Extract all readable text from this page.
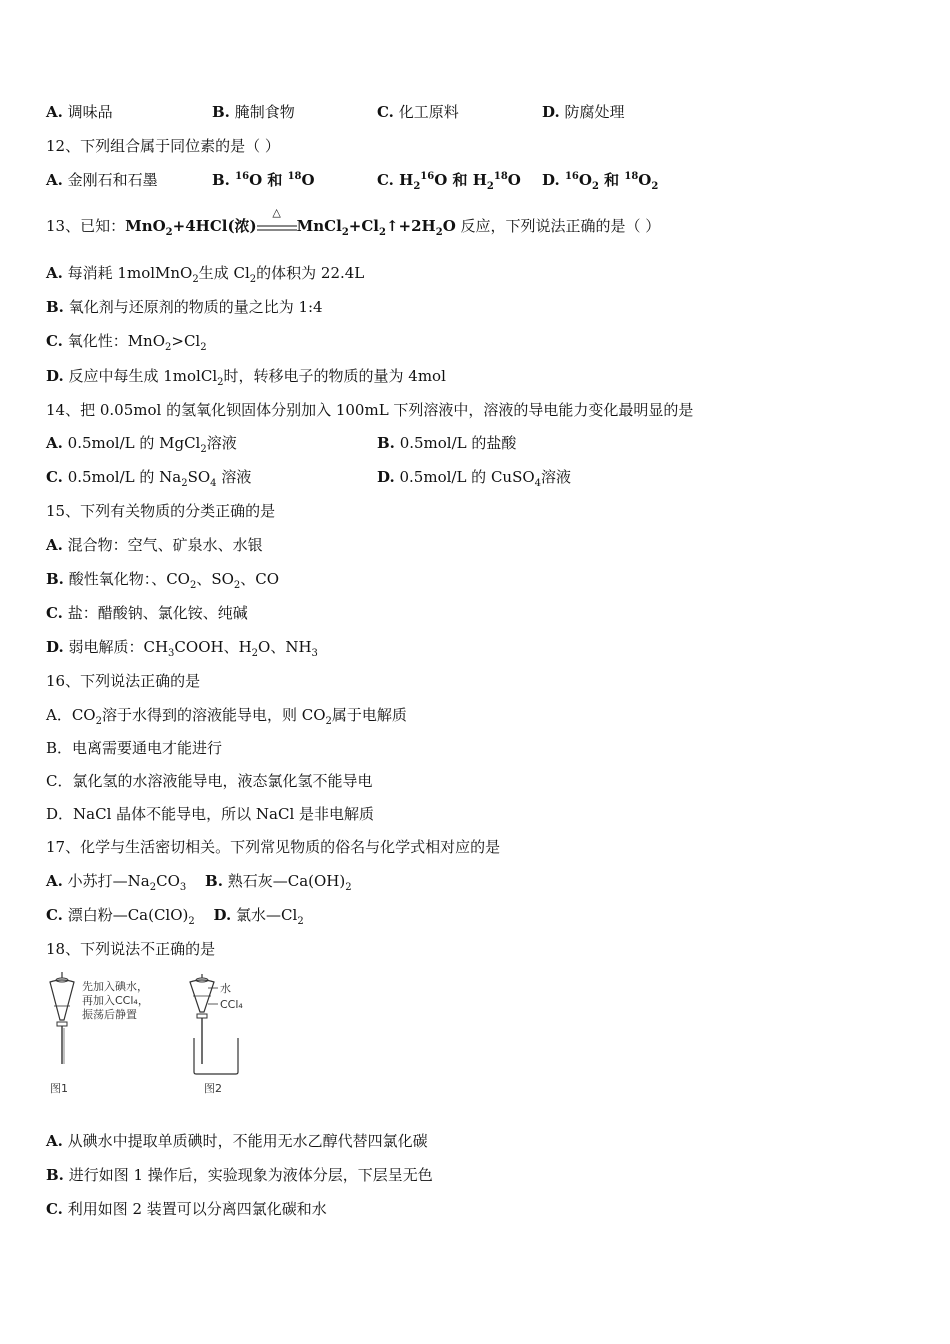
A. 调味品	B. 腌制食物	C. 化工原料	D. 防腐处理
12、下列组合属于同位素的是（ ）
A. 金刚石和石墨	B. $^{16}$O 和 $^{18}$O	C. $H_2^{16}O$ 和 $H_2^{18}O$ D. $^{16}O_2$ 和 $^{18}O_2$
13、已知：MnO$_2$+4HCl(浓)
△
$MnCl_2+Cl_2↑+2H_2O$ 反应，下列说法正确的是（ ）
A. 每消耗 1molMnO$_2$生成 $Cl_2$的体积为 22.4L
B. 氧化剂与还原剂的物质的量之比为 1:4
C. 氧化性：$MnO_2>Cl_2$
D. 反应中每生成 1molCl$_2$时，转移电子的物质的量为 4mol
14、把 0.05mol 的氢氧化钡固体分别加入 100mL 下列溶液中，溶液的导电能力变化最明显的是
A. 0.5mol/L 的 MgCl$_2$溶液	B. 0.5mol/L 的盐酸
C. 0.5mol/L 的 $Na_2SO_4$ 溶液	D. 0.5mol/L 的 CuSO$_4$溶液
15、下列有关物质的分类正确的是
A. 混合物：空气、矿泉水、水银
B. 酸性氧化物：、$CO_2$、$SO_2$、CO
C. 盐：醋酸钠、氯化铵、纯碱
D. 弱电解质：$CH_3COOH$、$H_2O$、$NH_3$
16、下列说法正确的是
A．$CO_2$溶于水得到的溶液能导电，则 $CO_2$属于电解质
B．电离需要通电才能进行
C．氯化氢的水溶液能导电，液态氯化氢不能导电
D．NaCl 晶体不能导电，所以 NaCl 是非电解质
17、化学与生活密切相关。下列常见物质的俗名与化学式相对应的是
A. 小苏打$—Na_2CO_3$ B. 熟石灰$—Ca(OH)_2$
C. 漂白粉$—Ca(ClO)_2$ D. 氯水$—Cl_2$
18、下列说法不正确的是
先加入碘水，
再加入CCl₄，
振荡后静置
图1
水
CCl₄
图2
A. 从碘水中提取单质碘时，不能用无水乙醇代替四氯化碳
B. 进行如图 1 操作后，实验现象为液体分层，下层呈无色
C. 利用如图 2 装置可以分离四氯化碳和水
